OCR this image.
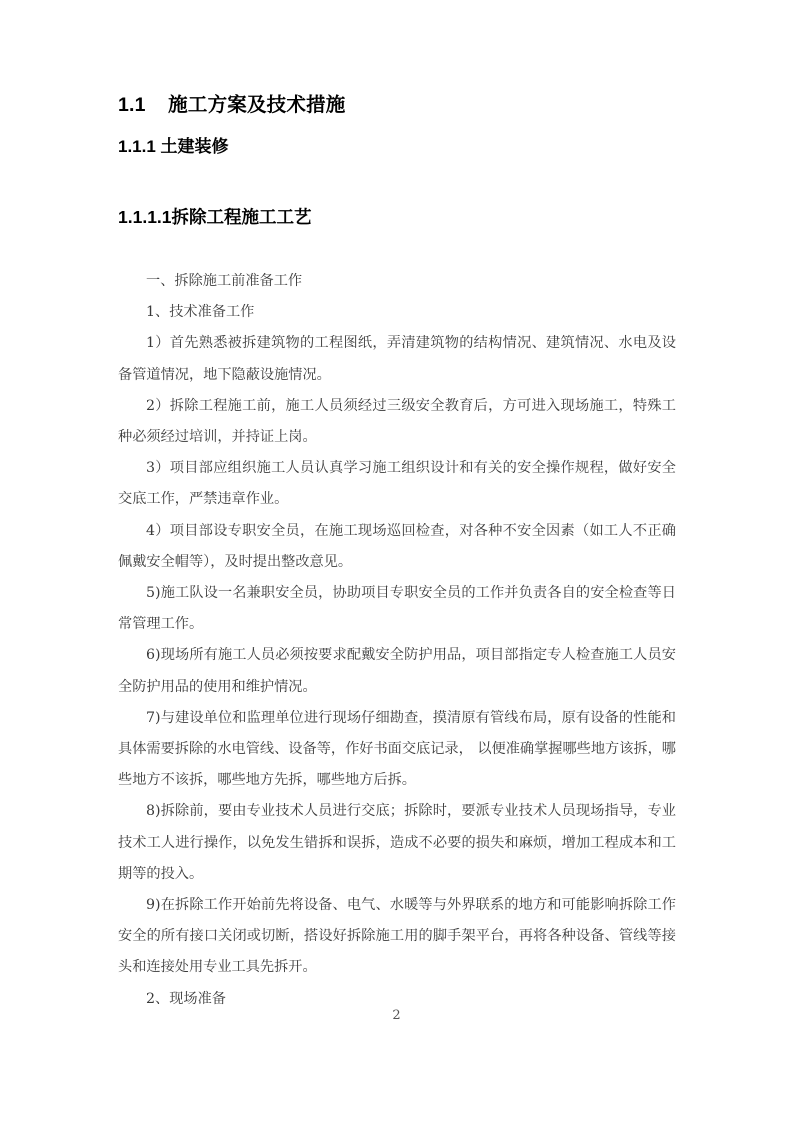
1.1    施工方案及技术措施
1.1.1 土建装修
1.1.1.1拆除工程施工工艺

一、拆除施工前准备工作

1、技术准备工作

1）首先熟悉被拆建筑物的工程图纸，弄清建筑物的结构情况、建筑情况、水电及设备管道情况，地下隐蔽设施情况。

2）拆除工程施工前，施工人员须经过三级安全教育后，方可进入现场施工，特殊工种必须经过培训，并持证上岗。

3）项目部应组织施工人员认真学习施工组织设计和有关的安全操作规程，做好安全交底工作，严禁违章作业。

4）项目部设专职安全员，在施工现场巡回检查，对各种不安全因素（如工人不正确佩戴安全帽等），及时提出整改意见。

5)施工队设一名兼职安全员，协助项目专职安全员的工作并负责各自的安全检查等日常管理工作。

6)现场所有施工人员必须按要求配戴安全防护用品，项目部指定专人检查施工人员安全防护用品的使用和维护情况。

7)与建设单位和监理单位进行现场仔细勘查，摸清原有管线布局，原有设备的性能和具体需要拆除的水电管线、设备等，作好书面交底记录， 以便准确掌握哪些地方该拆，哪些地方不该拆，哪些地方先拆，哪些地方后拆。

8)拆除前，要由专业技术人员进行交底；拆除时，要派专业技术人员现场指导，专业技术工人进行操作，以免发生错拆和误拆，造成不必要的损失和麻烦，增加工程成本和工期等的投入。

9)在拆除工作开始前先将设备、电气、水暖等与外界联系的地方和可能影响拆除工作安全的所有接口关闭或切断，搭设好拆除施工用的脚手架平台，再将各种设备、管线等接头和连接处用专业工具先拆开。

2、现场准备

2
